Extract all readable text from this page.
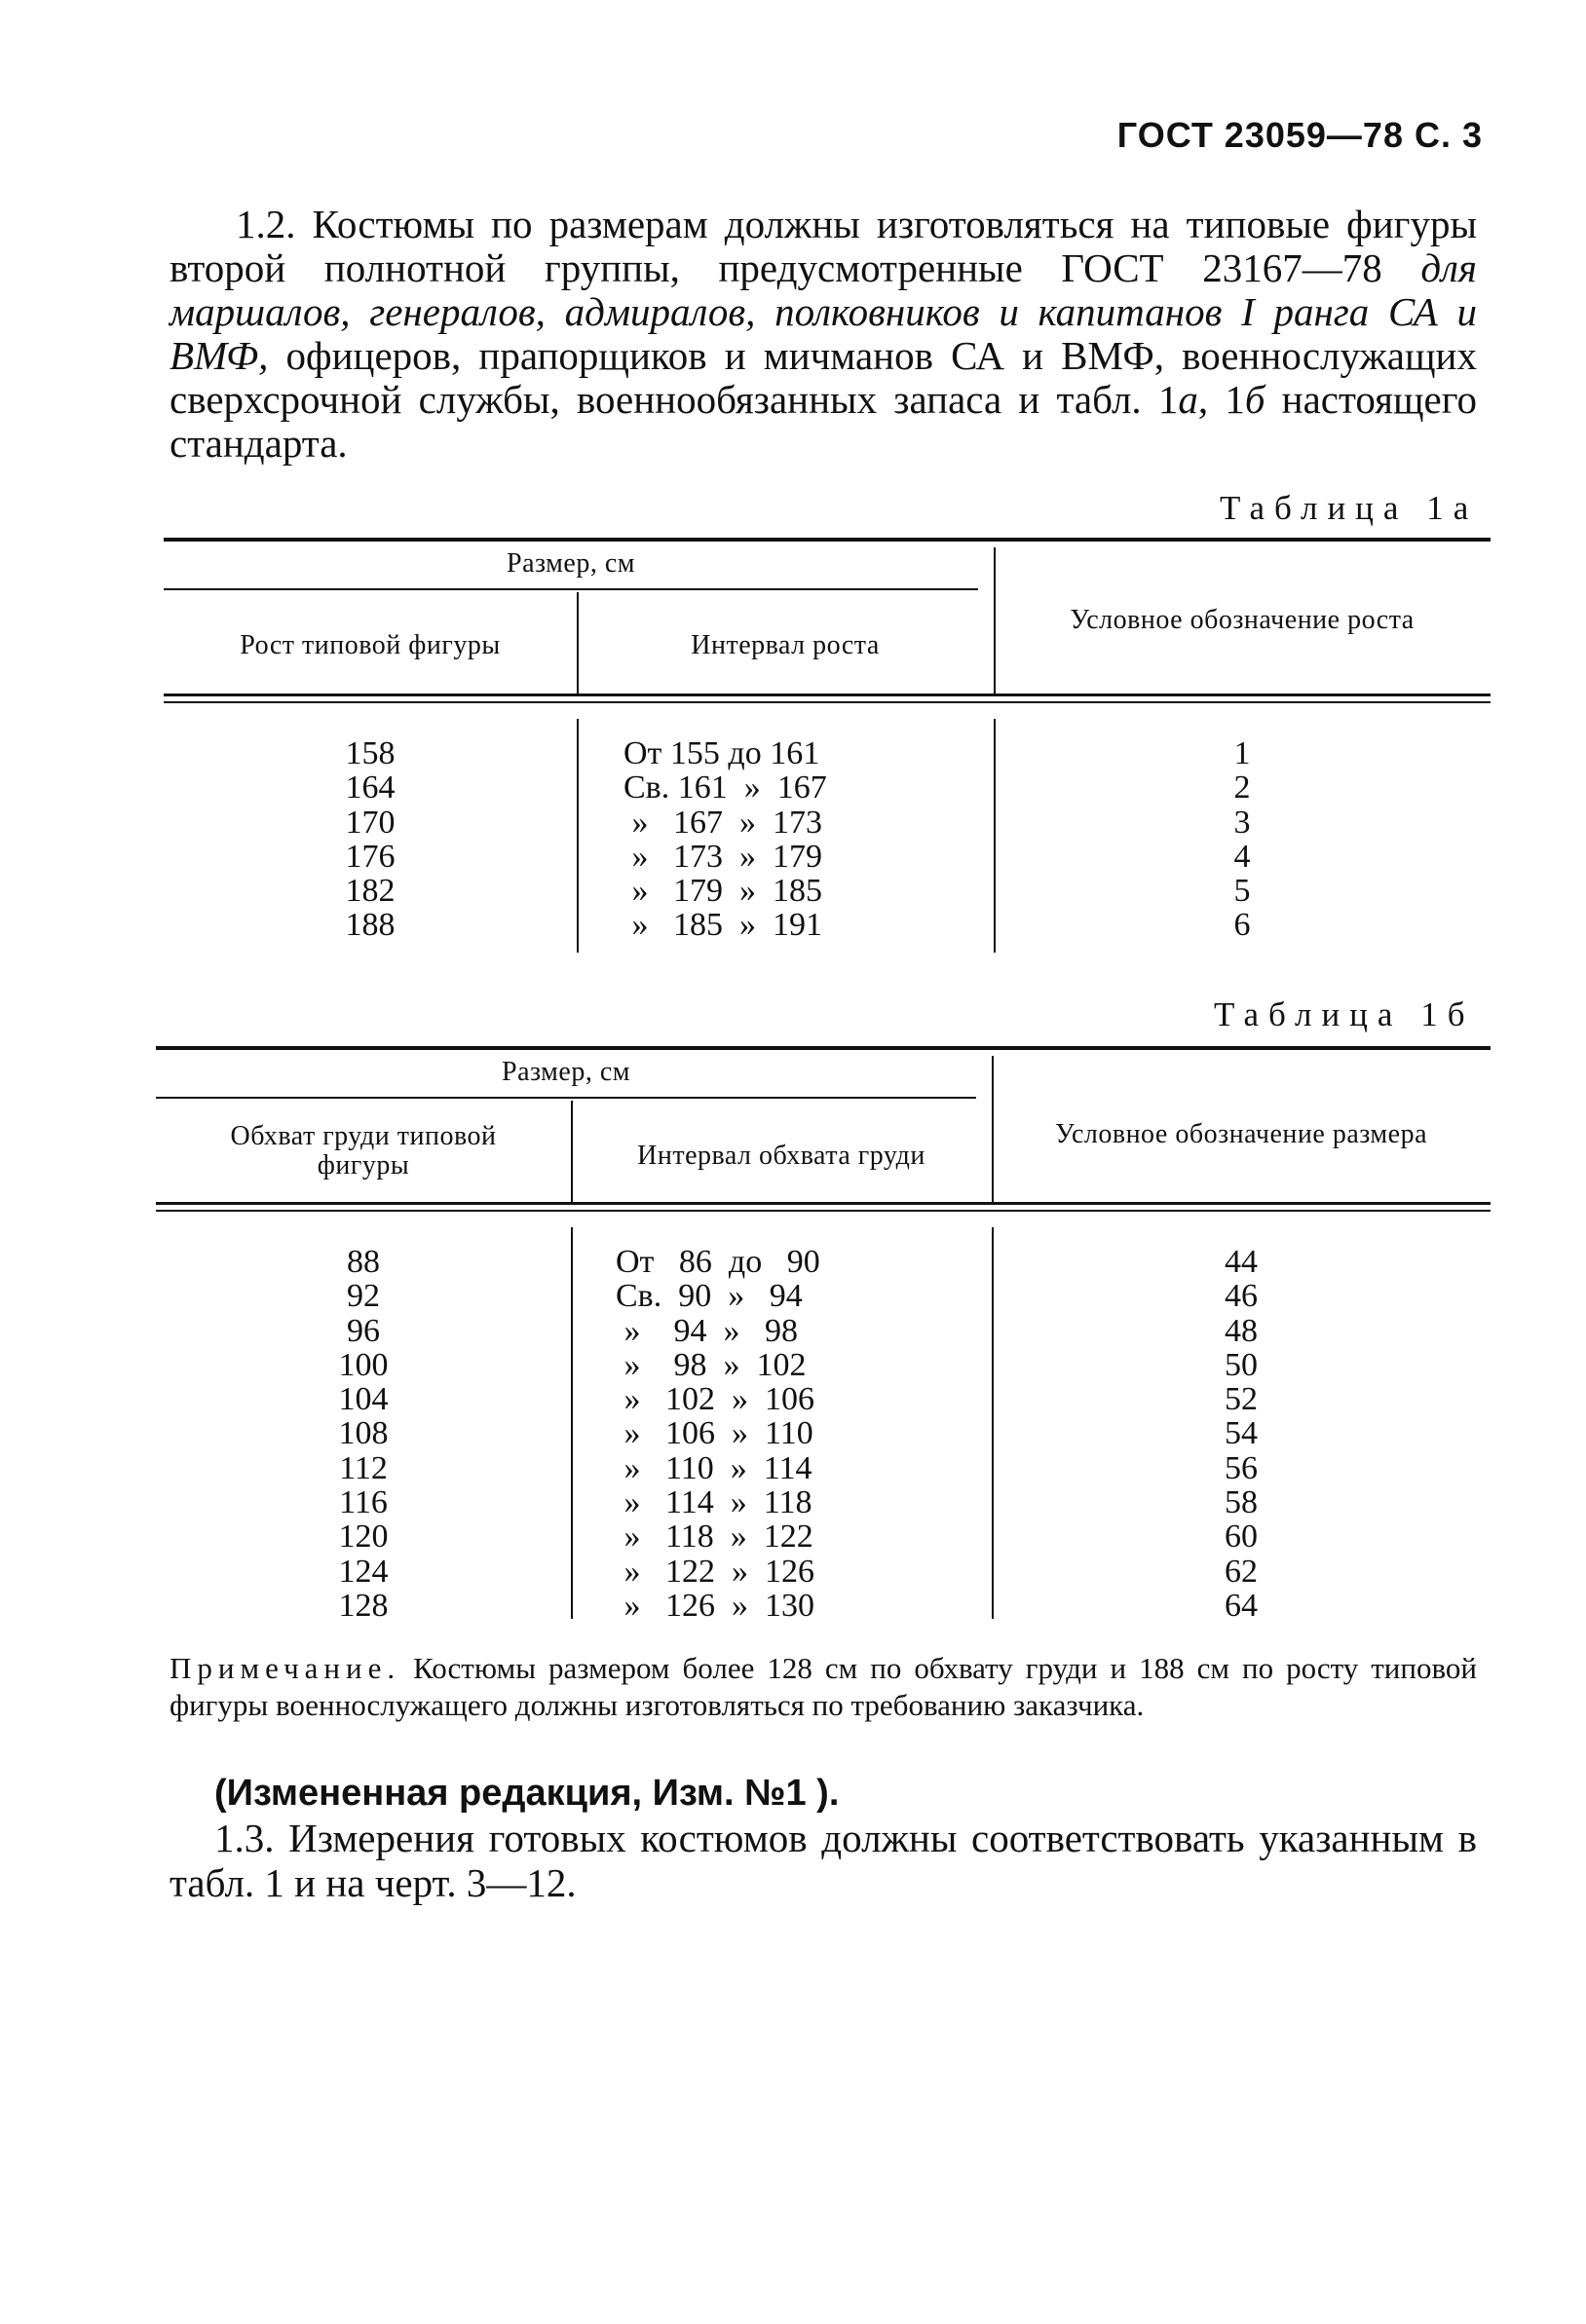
ГОСТ 23059—78 С. 3

1.2. Костюмы по размерам должны изготовляться на типовые фигуры второй полнотной группы, предусмотренные ГОСТ 23167—78 для маршалов, генералов, адмиралов, полковников и капитанов I ранга СА и ВМФ, офицеров, прапорщиков и мичманов СА и ВМФ, военнослужащих сверхсрочной службы, военнообязанных запаса и табл. 1а, 1б настоящего стандарта.

Таблица 1а
Размер, см
Рост типовой фигуры	Интервал роста
Условное обозначение роста
158
164
170
176
182
188
От 155 до 161
Св. 161  »  167
»   167  »  173
»   173  »  179
»   179  »  185
»   185  »  191
1
2
3
4
5
6
Таблица 1б
Размер, см
Обхват груди типовой фигуры	Интервал обхвата груди
Условное обозначение размера
88
92
96
100
104
108
112
116
120
124
128
От   86  до   90
Св.  90  »   94
»    94  »   98
»    98  »  102
»   102  »  106
»   106  »  110
»   110  »  114
»   114  »  118
»   118  »  122
»   122  »  126
»   126  »  130
44
46
48
50
52
54
56
58
60
62
64
Примечание. Костюмы размером более 128 см по обхвату груди и 188 см по росту типовой фигуры военнослужащего должны изготовляться по требованию заказчика.
(Измененная редакция, Изм. №1 ).

1.3. Измерения готовых костюмов должны соответствовать указанным в табл. 1 и на черт. 3—12.
